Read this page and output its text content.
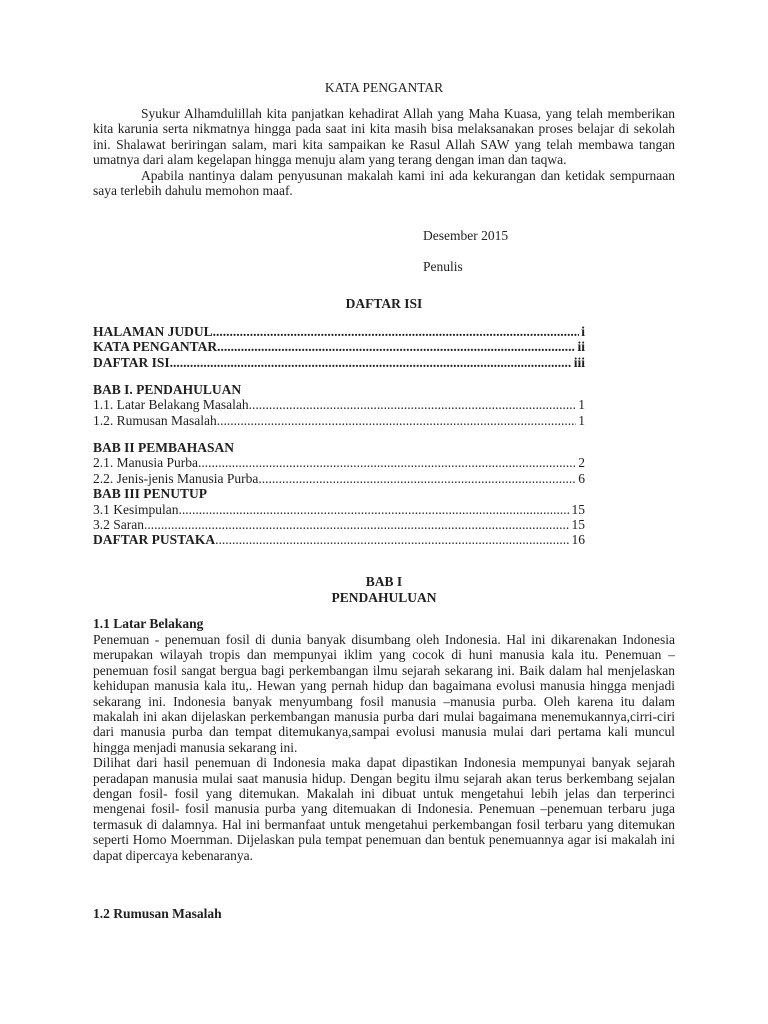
KATA PENGANTAR

Syukur Alhamdulillah kita panjatkan kehadirat Allah yang Maha Kuasa, yang telah memberikan kita karunia serta nikmatnya hingga pada saat ini kita masih bisa melaksanakan proses belajar di sekolah ini. Shalawat beriringan salam, mari kita sampaikan ke Rasul Allah SAW yang telah membawa tangan umatnya dari alam kegelapan hingga menuju alam yang terang dengan iman dan taqwa.

Apabila nantinya dalam penyusunan makalah kami ini ada kekurangan dan ketidak sempurnaan saya terlebih dahulu memohon maaf.

Desember 2015
Penulis
DAFTAR ISI
HALAMAN JUDUL .....	i
KATA PENGANTAR .....	ii
DAFTAR ISI .....	iii
BAB I. PENDAHULUAN
1.1. Latar Belakang Masalah .....	1
1.2. Rumusan Masalah .....	1
BAB II PEMBAHASAN
2.1. Manusia Purba .....	2
2.2. Jenis-jenis Manusia Purba .....	6
BAB III PENUTUP
3.1 Kesimpulan .....	15
3.2 Saran .....	15
DAFTAR PUSTAKA .....	16
BAB I
PENDAHULUAN
1.1 Latar Belakang

Penemuan - penemuan fosil di dunia banyak disumbang oleh Indonesia. Hal ini dikarenakan Indonesia merupakan wilayah tropis dan mempunyai iklim yang cocok di huni manusia kala itu. Penemuan –penemuan fosil sangat bergua bagi perkembangan ilmu sejarah sekarang ini. Baik dalam hal menjelaskan kehidupan manusia kala itu,. Hewan yang pernah hidup dan bagaimana evolusi manusia hingga menjadi sekarang ini. Indonesia banyak menyumbang fosil manusia –manusia purba. Oleh karena itu dalam makalah ini akan dijelaskan perkembangan manusia purba dari mulai bagaimana menemukannya,cirri-ciri dari manusia purba dan tempat ditemukanya,sampai evolusi manusia mulai dari pertama kali muncul hingga menjadi manusia sekarang ini.

Dilihat dari hasil penemuan di Indonesia maka dapat dipastikan Indonesia mempunyai banyak sejarah peradapan manusia mulai saat manusia hidup. Dengan begitu ilmu sejarah akan terus berkembang sejalan dengan fosil- fosil yang ditemukan. Makalah ini dibuat untuk mengetahui lebih jelas dan terperinci mengenai fosil- fosil manusia purba yang ditemuakan di Indonesia. Penemuan –penemuan terbaru juga termasuk di dalamnya. Hal ini bermanfaat untuk mengetahui perkembangan fosil terbaru yang ditemukan seperti Homo Moernman. Dijelaskan pula tempat penemuan dan bentuk penemuannya agar isi makalah ini dapat dipercaya kebenaranya.

1.2 Rumusan Masalah
